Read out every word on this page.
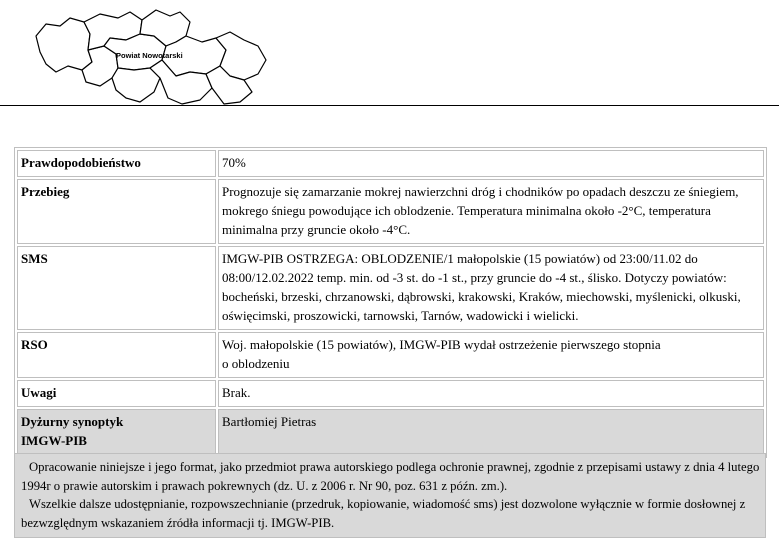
Powiat Nowotarski
Prawdopodobieństwo	70%
Przebieg	Prognozuje się zamarzanie mokrej nawierzchni dróg i chodników po opadach deszczu ze śniegiem, mokrego śniegu powodujące ich oblodzenie. Temperatura minimalna około -2°C, temperatura minimalna przy gruncie około -4°C.
SMS	IMGW-PIB OSTRZEGA: OBLODZENIE/1 małopolskie (15 powiatów) od 23:00/11.02 do 08:00/12.02.2022 temp. min. od -3 st. do -1 st., przy gruncie do -4 st., ślisko. Dotyczy powiatów: bocheński, brzeski, chrzanowski, dąbrowski, krakowski, Kraków, miechowski, myślenicki, olkuski, oświęcimski, proszowicki, tarnowski, Tarnów, wadowicki i wielicki.
RSO	Woj. małopolskie (15 powiatów), IMGW-PIB wydał ostrzeżenie pierwszego stopnia
o oblodzeniu
Uwagi	Brak.
Dyżurny synoptyk
IMGW-PIB	Bartłomiej Pietras

Opracowanie niniejsze i jego format, jako przedmiot prawa autorskiego podlega ochronie prawnej, zgodnie z przepisami ustawy z dnia 4 lutego 1994r o prawie autorskim i prawach pokrewnych (dz. U. z 2006 r. Nr 90, poz. 631 z późn. zm.).

Wszelkie dalsze udostępnianie, rozpowszechnianie (przedruk, kopiowanie, wiadomość sms) jest dozwolone wyłącznie w formie dosłownej z bezwzględnym wskazaniem źródła informacji tj. IMGW-PIB.
